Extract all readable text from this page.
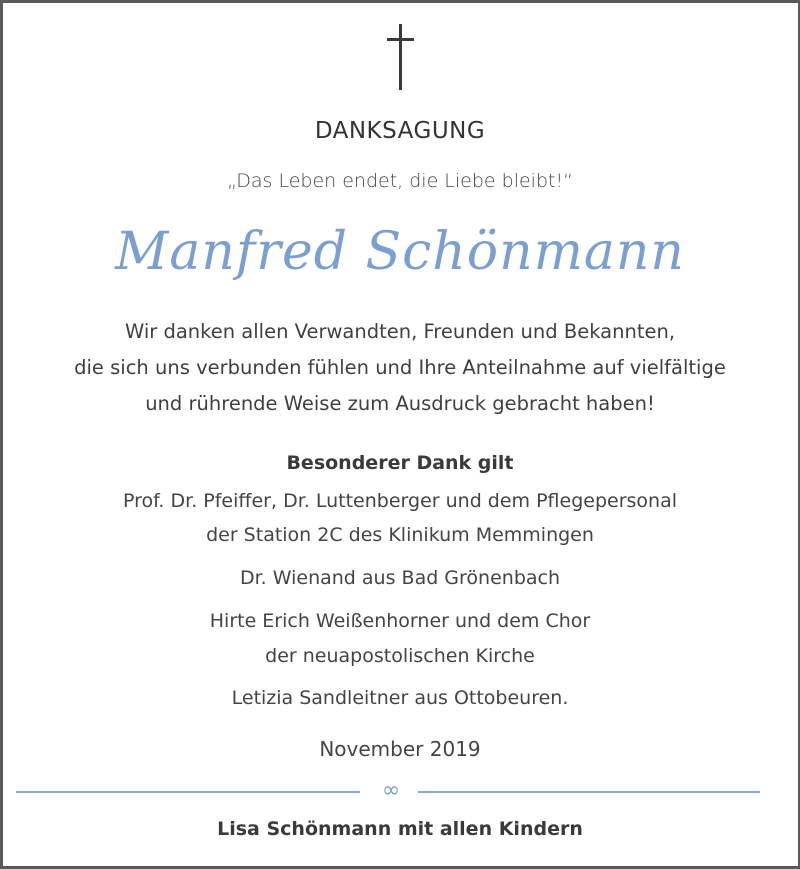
DANKSAGUNG
„Das Leben endet, die Liebe bleibt!“
Manfred Schönmann
Wir danken allen Verwandten, Freunden und Bekannten,
die sich uns verbunden fühlen und Ihre Anteilnahme auf vielfältige
und rührende Weise zum Ausdruck gebracht haben!
Besonderer Dank gilt
Prof. Dr. Pfeiffer, Dr. Luttenberger und dem Pflegepersonal
der Station 2C des Klinikum Memmingen
Dr. Wienand aus Bad Grönenbach
Hirte Erich Weißenhorner und dem Chor
der neuapostolischen Kirche
Letizia Sandleitner aus Ottobeuren.
November 2019
∞
Lisa Schönmann mit allen Kindern
